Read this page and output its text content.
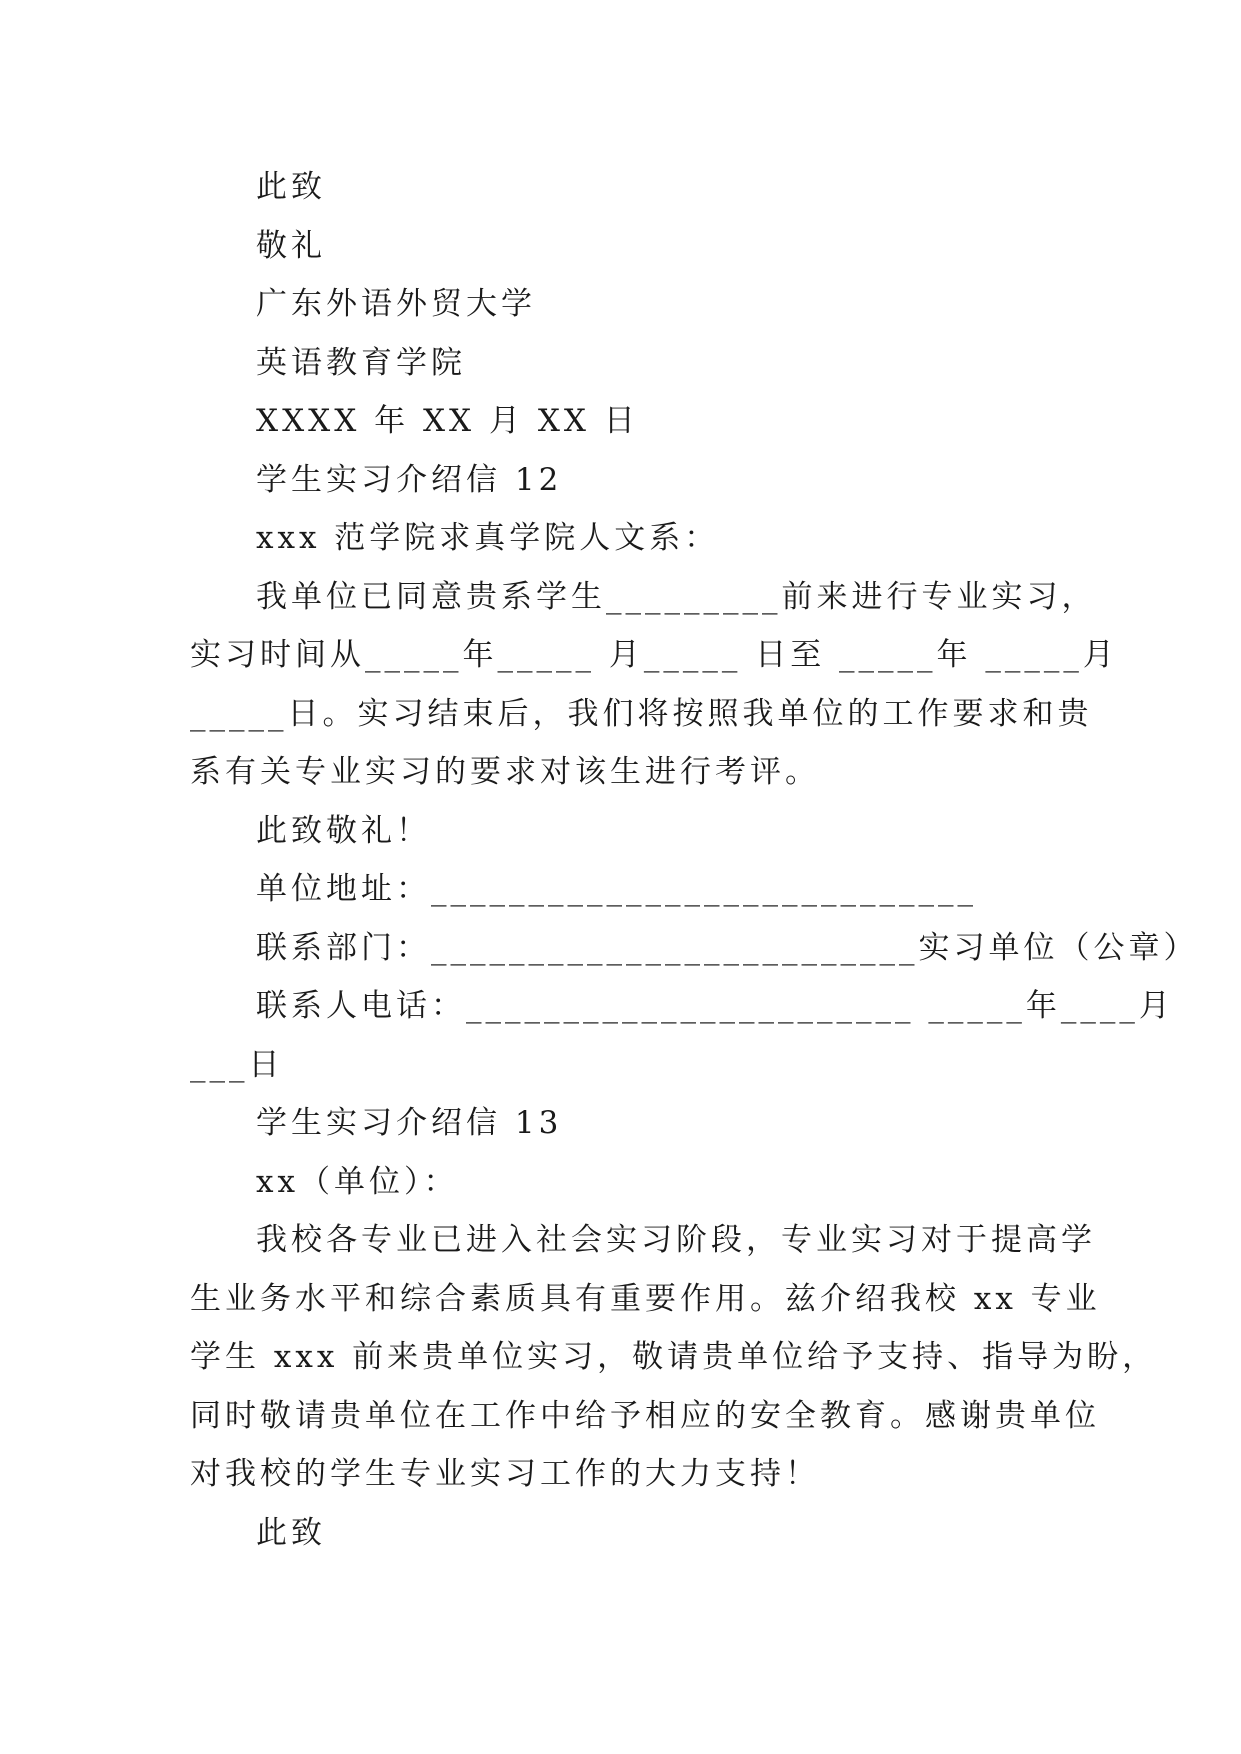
此致
敬礼
广东外语外贸大学
英语教育学院
XXXX 年 XX 月 XX 日
学生实习介绍信 12
xxx 范学院求真学院人文系：
我单位已同意贵系学生_________前来进行专业实习，
实习时间从_____年_____ 月_____ 日至 _____年 _____月
_____日。实习结束后，我们将按照我单位的工作要求和贵
系有关专业实习的要求对该生进行考评。
此致敬礼！
单位地址：____________________________
联系部门：_________________________实习单位（公章）
联系人电话：_______________________ _____年____月
___日
学生实习介绍信 13
xx（单位）：
我校各专业已进入社会实习阶段，专业实习对于提高学
生业务水平和综合素质具有重要作用。兹介绍我校 xx 专业
学生 xxx 前来贵单位实习，敬请贵单位给予支持、指导为盼，
同时敬请贵单位在工作中给予相应的安全教育。感谢贵单位
对我校的学生专业实习工作的大力支持！
此致
